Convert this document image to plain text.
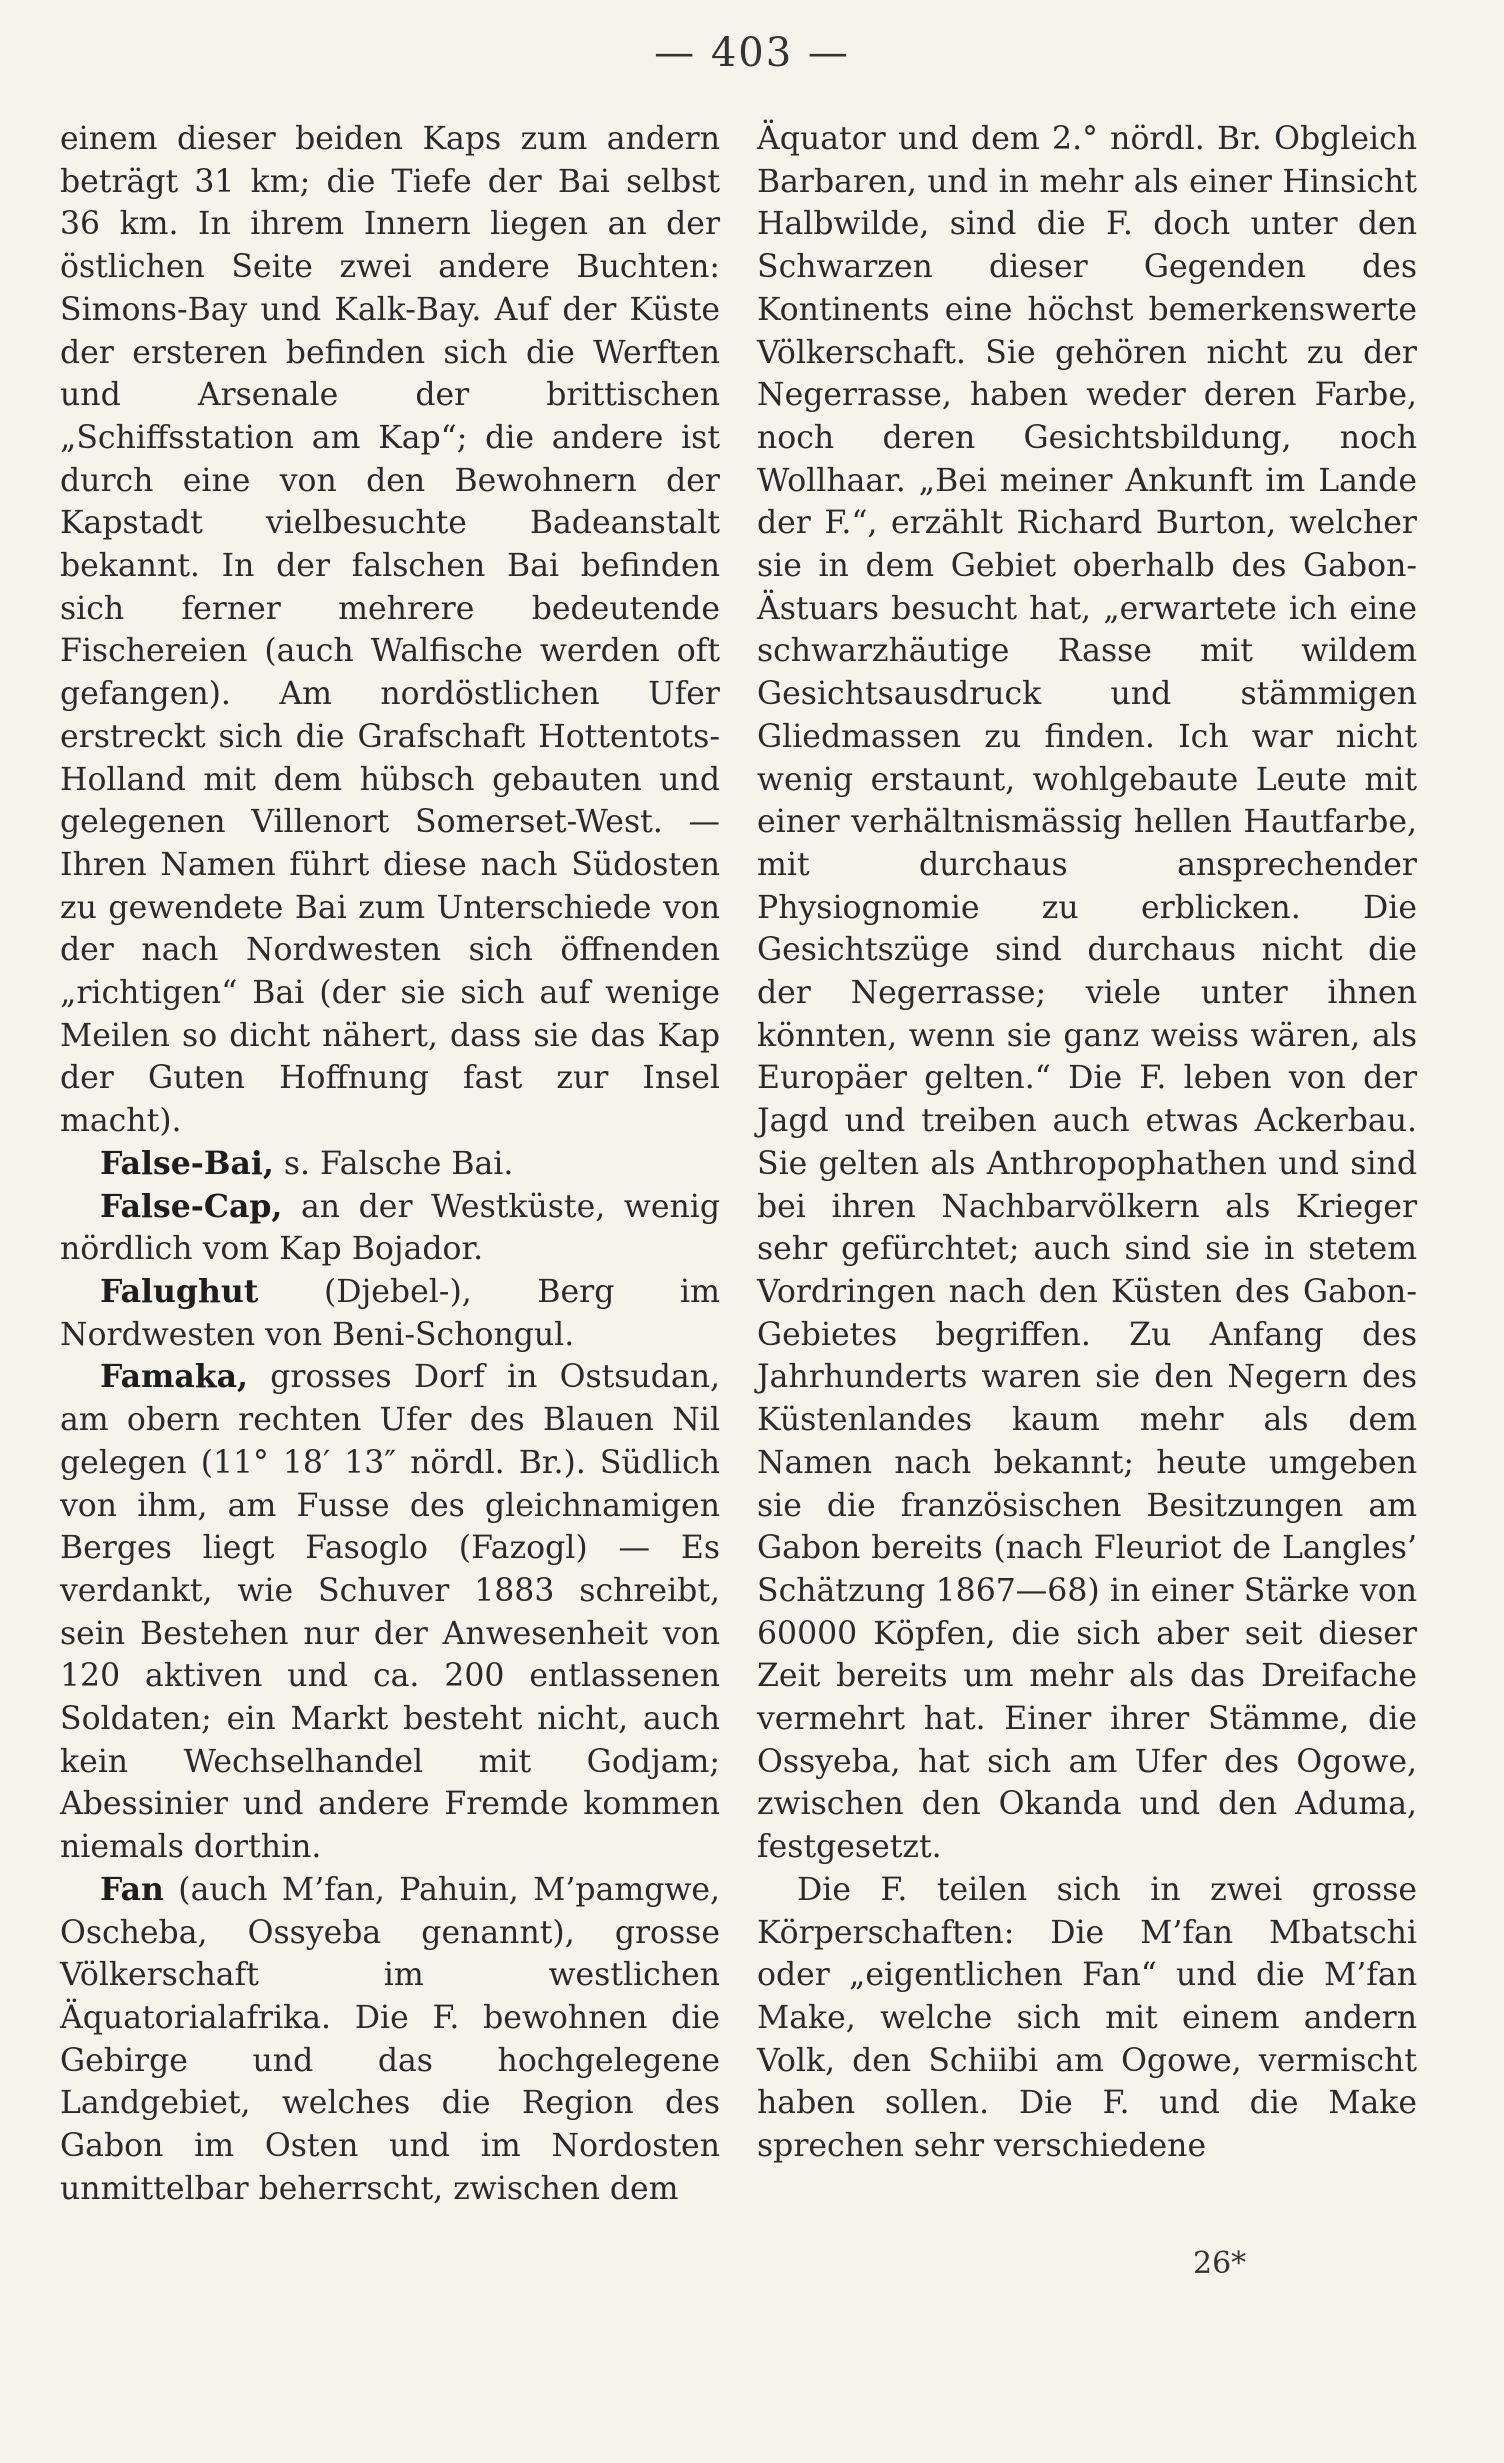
— 403 —

einem dieser beiden Kaps zum andern beträgt 31 km; die Tiefe der Bai selbst 36 km. In ihrem Innern liegen an der östlichen Seite zwei andere Buchten: Simons-Bay und Kalk-Bay. Auf der Küste der ersteren befinden sich die Werften und Arsenale der brittischen „Schiffsstation am Kap“; die andere ist durch eine von den Bewohnern der Kapstadt vielbesuchte Badeanstalt bekannt. In der falschen Bai befinden sich ferner mehrere bedeutende Fischereien (auch Walfische werden oft gefangen). Am nordöstlichen Ufer erstreckt sich die Grafschaft Hottentots-Holland mit dem hübsch gebauten und gelegenen Villenort Somerset-West. — Ihren Namen führt diese nach Südosten zu gewendete Bai zum Unterschiede von der nach Nordwesten sich öffnenden „richtigen“ Bai (der sie sich auf wenige Meilen so dicht nähert, dass sie das Kap der Guten Hoffnung fast zur Insel macht).

False-Bai, s. Falsche Bai.

False-Cap, an der Westküste, wenig nördlich vom Kap Bojador.

Falughut (Djebel-), Berg im Nordwesten von Beni-Schongul.

Famaka, grosses Dorf in Ostsudan, am obern rechten Ufer des Blauen Nil gelegen (11° 18′ 13″ nördl. Br.). Südlich von ihm, am Fusse des gleichnamigen Berges liegt Fasoglo (Fazogl) — Es verdankt, wie Schuver 1883 schreibt, sein Bestehen nur der Anwesenheit von 120 aktiven und ca. 200 entlassenen Soldaten; ein Markt besteht nicht, auch kein Wechselhandel mit Godjam; Abessinier und andere Fremde kommen niemals dorthin.

Fan (auch M’fan, Pahuin, M’pamgwe, Oscheba, Ossyeba genannt), grosse Völkerschaft im westlichen Äquatorialafrika. Die F. bewohnen die Gebirge und das hochgelegene Landgebiet, welches die Region des Gabon im Osten und im Nordosten unmittelbar beherrscht, zwischen dem

Äquator und dem 2.° nördl. Br. Obgleich Barbaren, und in mehr als einer Hinsicht Halbwilde, sind die F. doch unter den Schwarzen dieser Gegenden des Kontinents eine höchst bemerkenswerte Völkerschaft. Sie gehören nicht zu der Negerrasse, haben weder deren Farbe, noch deren Gesichtsbildung, noch Wollhaar. „Bei meiner Ankunft im Lande der F.“, erzählt Richard Burton, welcher sie in dem Gebiet oberhalb des Gabon-Ästuars besucht hat, „erwartete ich eine schwarzhäutige Rasse mit wildem Gesichtsausdruck und stämmigen Gliedmassen zu finden. Ich war nicht wenig erstaunt, wohlgebaute Leute mit einer verhältnismässig hellen Hautfarbe, mit durchaus ansprechender Physiognomie zu erblicken. Die Gesichtszüge sind durchaus nicht die der Negerrasse; viele unter ihnen könnten, wenn sie ganz weiss wären, als Europäer gelten.“ Die F. leben von der Jagd und treiben auch etwas Ackerbau. Sie gelten als Anthropophathen und sind bei ihren Nachbarvölkern als Krieger sehr gefürchtet; auch sind sie in stetem Vordringen nach den Küsten des Gabon-Gebietes begriffen. Zu Anfang des Jahrhunderts waren sie den Negern des Küstenlandes kaum mehr als dem Namen nach bekannt; heute umgeben sie die französischen Besitzungen am Gabon bereits (nach Fleuriot de Langles’ Schätzung 1867—68) in einer Stärke von 60000 Köpfen, die sich aber seit dieser Zeit bereits um mehr als das Dreifache vermehrt hat. Einer ihrer Stämme, die Ossyeba, hat sich am Ufer des Ogowe, zwischen den Okanda und den Aduma, festgesetzt.

Die F. teilen sich in zwei grosse Körperschaften: Die M’fan Mbatschi oder „eigentlichen Fan“ und die M’fan Make, welche sich mit einem andern Volk, den Schiibi am Ogowe, vermischt haben sollen. Die F. und die Make sprechen sehr verschiedene

26*
